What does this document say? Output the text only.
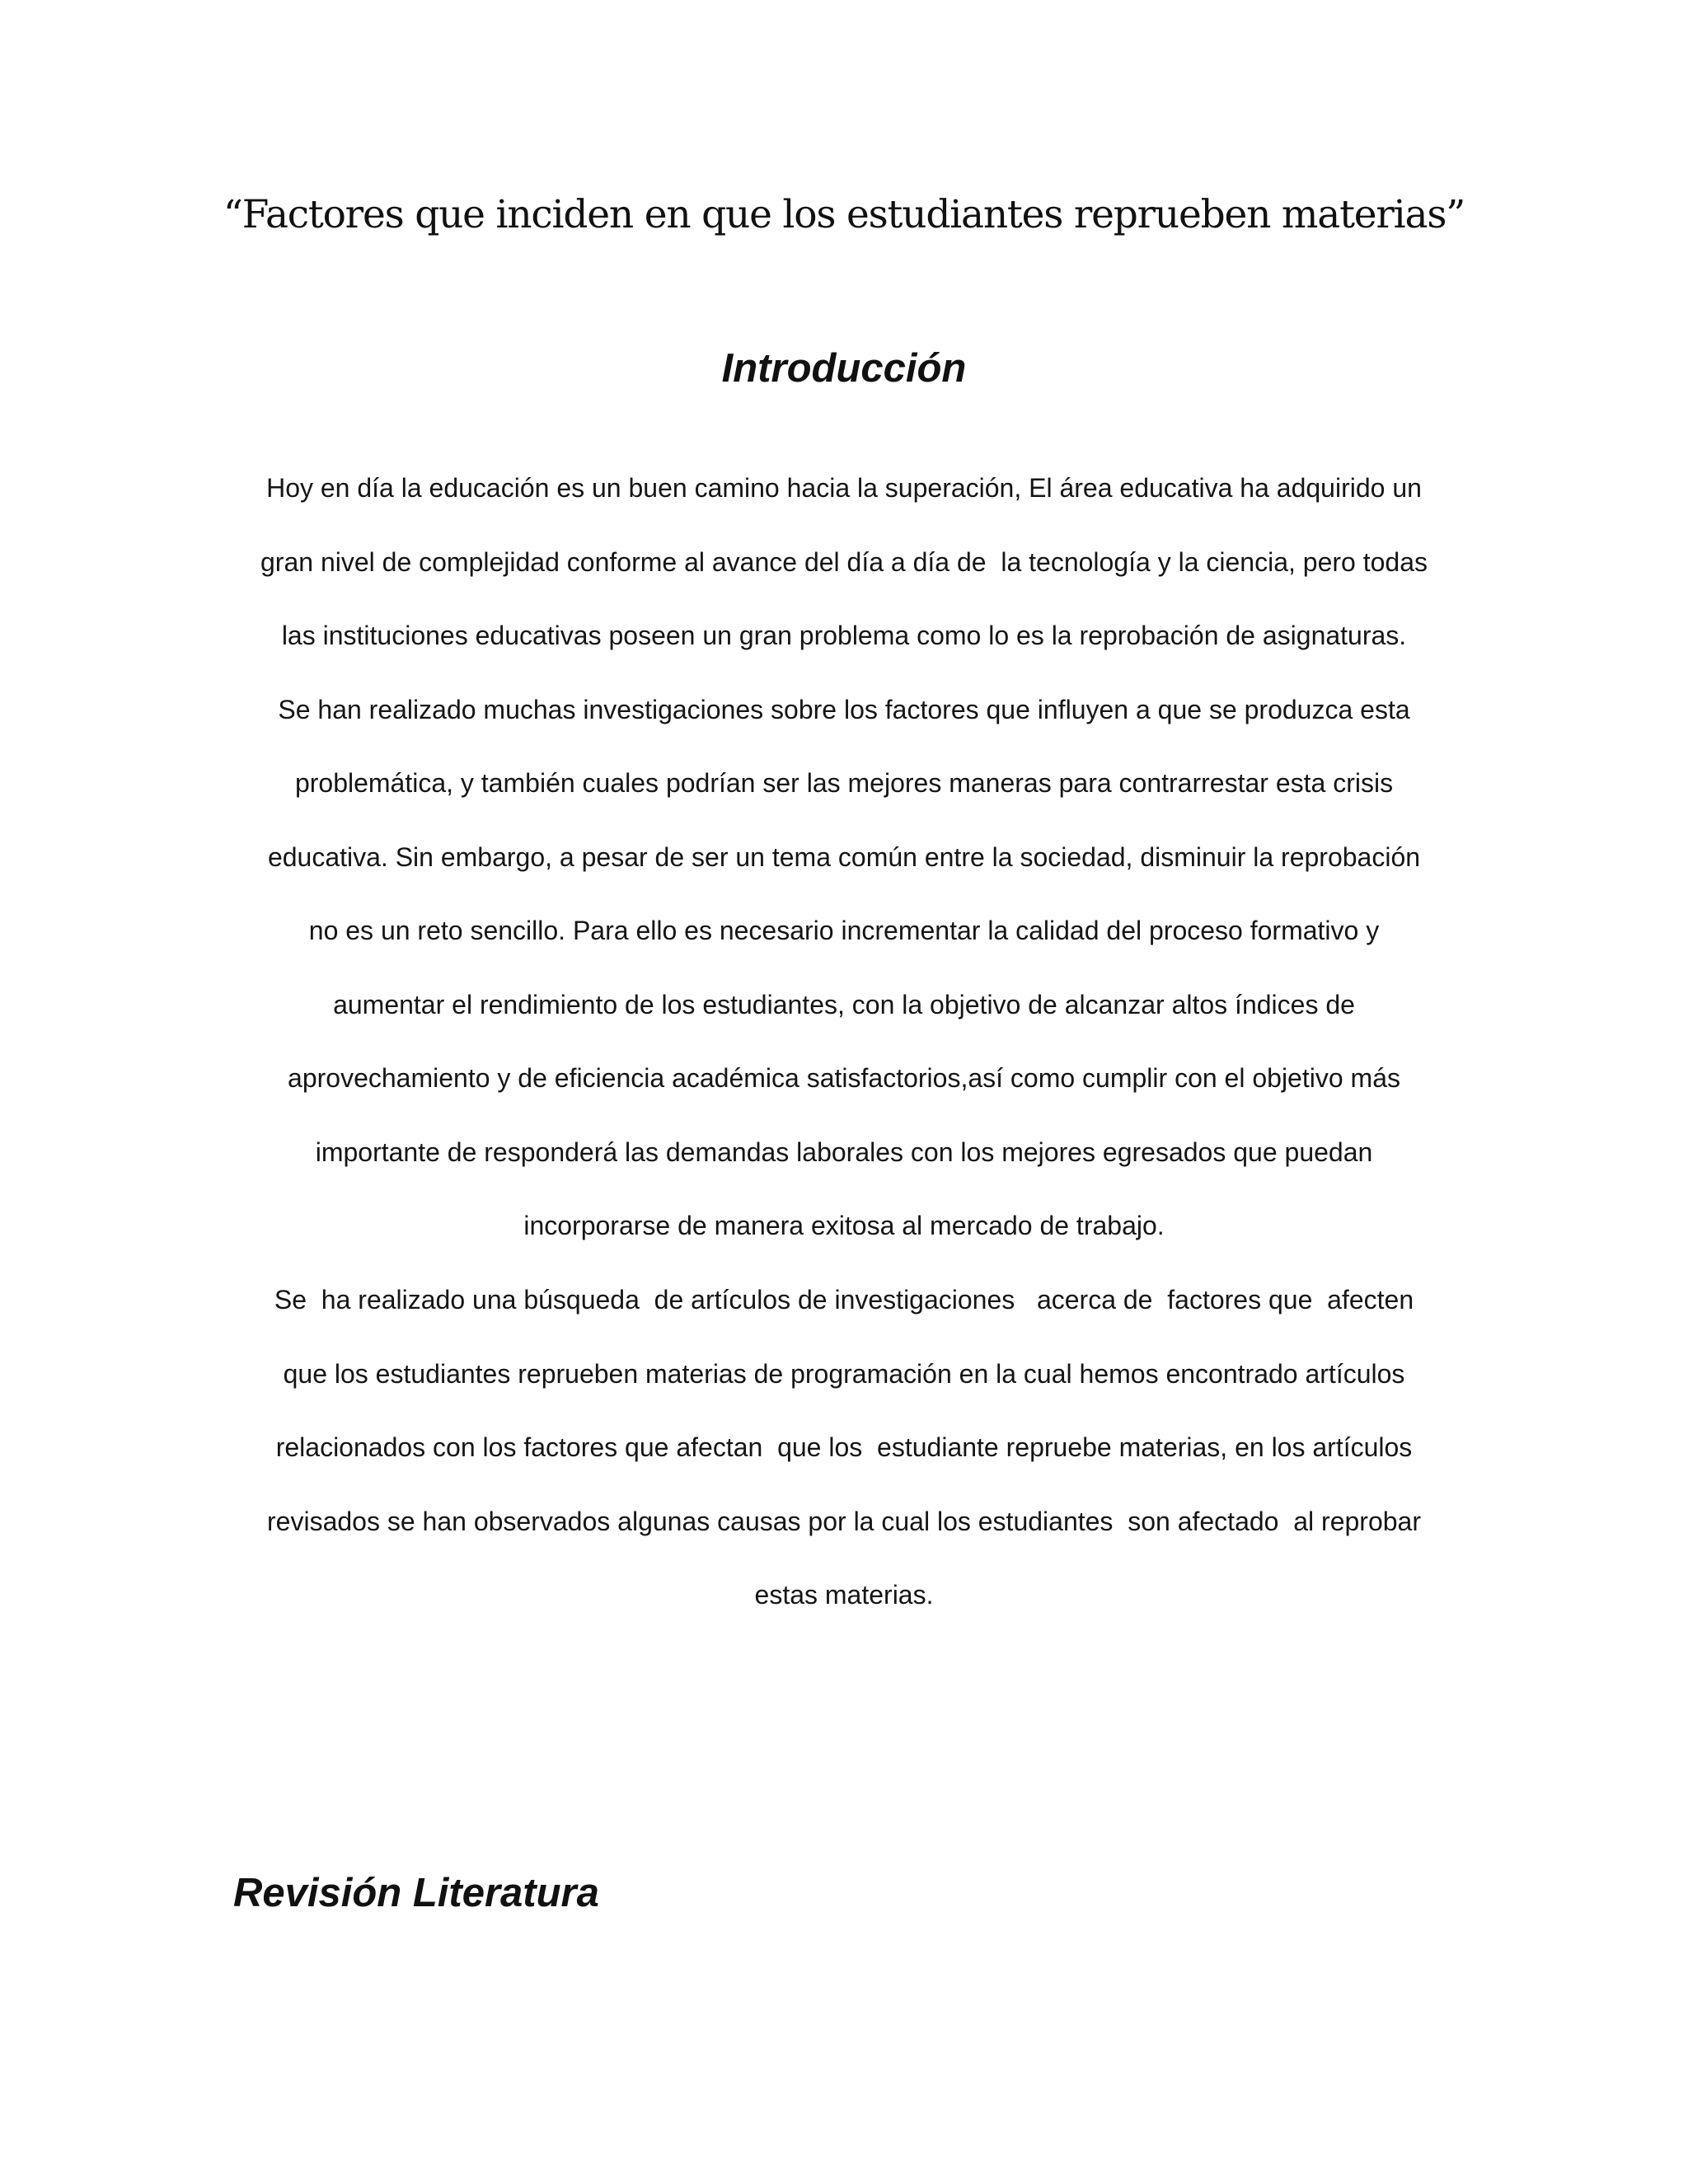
“Factores que inciden en que los estudiantes reprueben materias”
Introducción

Hoy en día la educación es un buen camino hacia la superación, El área educativa ha adquirido un
gran nivel de complejidad conforme al avance del día a día de  la tecnología y la ciencia, pero todas
las instituciones educativas poseen un gran problema como lo es la reprobación de asignaturas.
Se han realizado muchas investigaciones sobre los factores que influyen a que se produzca esta
problemática, y también cuales podrían ser las mejores maneras para contrarrestar esta crisis
educativa. Sin embargo, a pesar de ser un tema común entre la sociedad, disminuir la reprobación
no es un reto sencillo. Para ello es necesario incrementar la calidad del proceso formativo y
aumentar el rendimiento de los estudiantes, con la objetivo de alcanzar altos índices de
aprovechamiento y de eficiencia académica satisfactorios,así como cumplir con el objetivo más
importante de responderá las demandas laborales con los mejores egresados que puedan
incorporarse de manera exitosa al mercado de trabajo.

Se  ha realizado una búsqueda  de artículos de investigaciones   acerca de  factores que  afecten
que los estudiantes reprueben materias de programación en la cual hemos encontrado artículos
relacionados con los factores que afectan  que los  estudiante repruebe materias, en los artículos
revisados se han observados algunas causas por la cual los estudiantes  son afectado  al reprobar
estas materias.

Revisión Literatura
